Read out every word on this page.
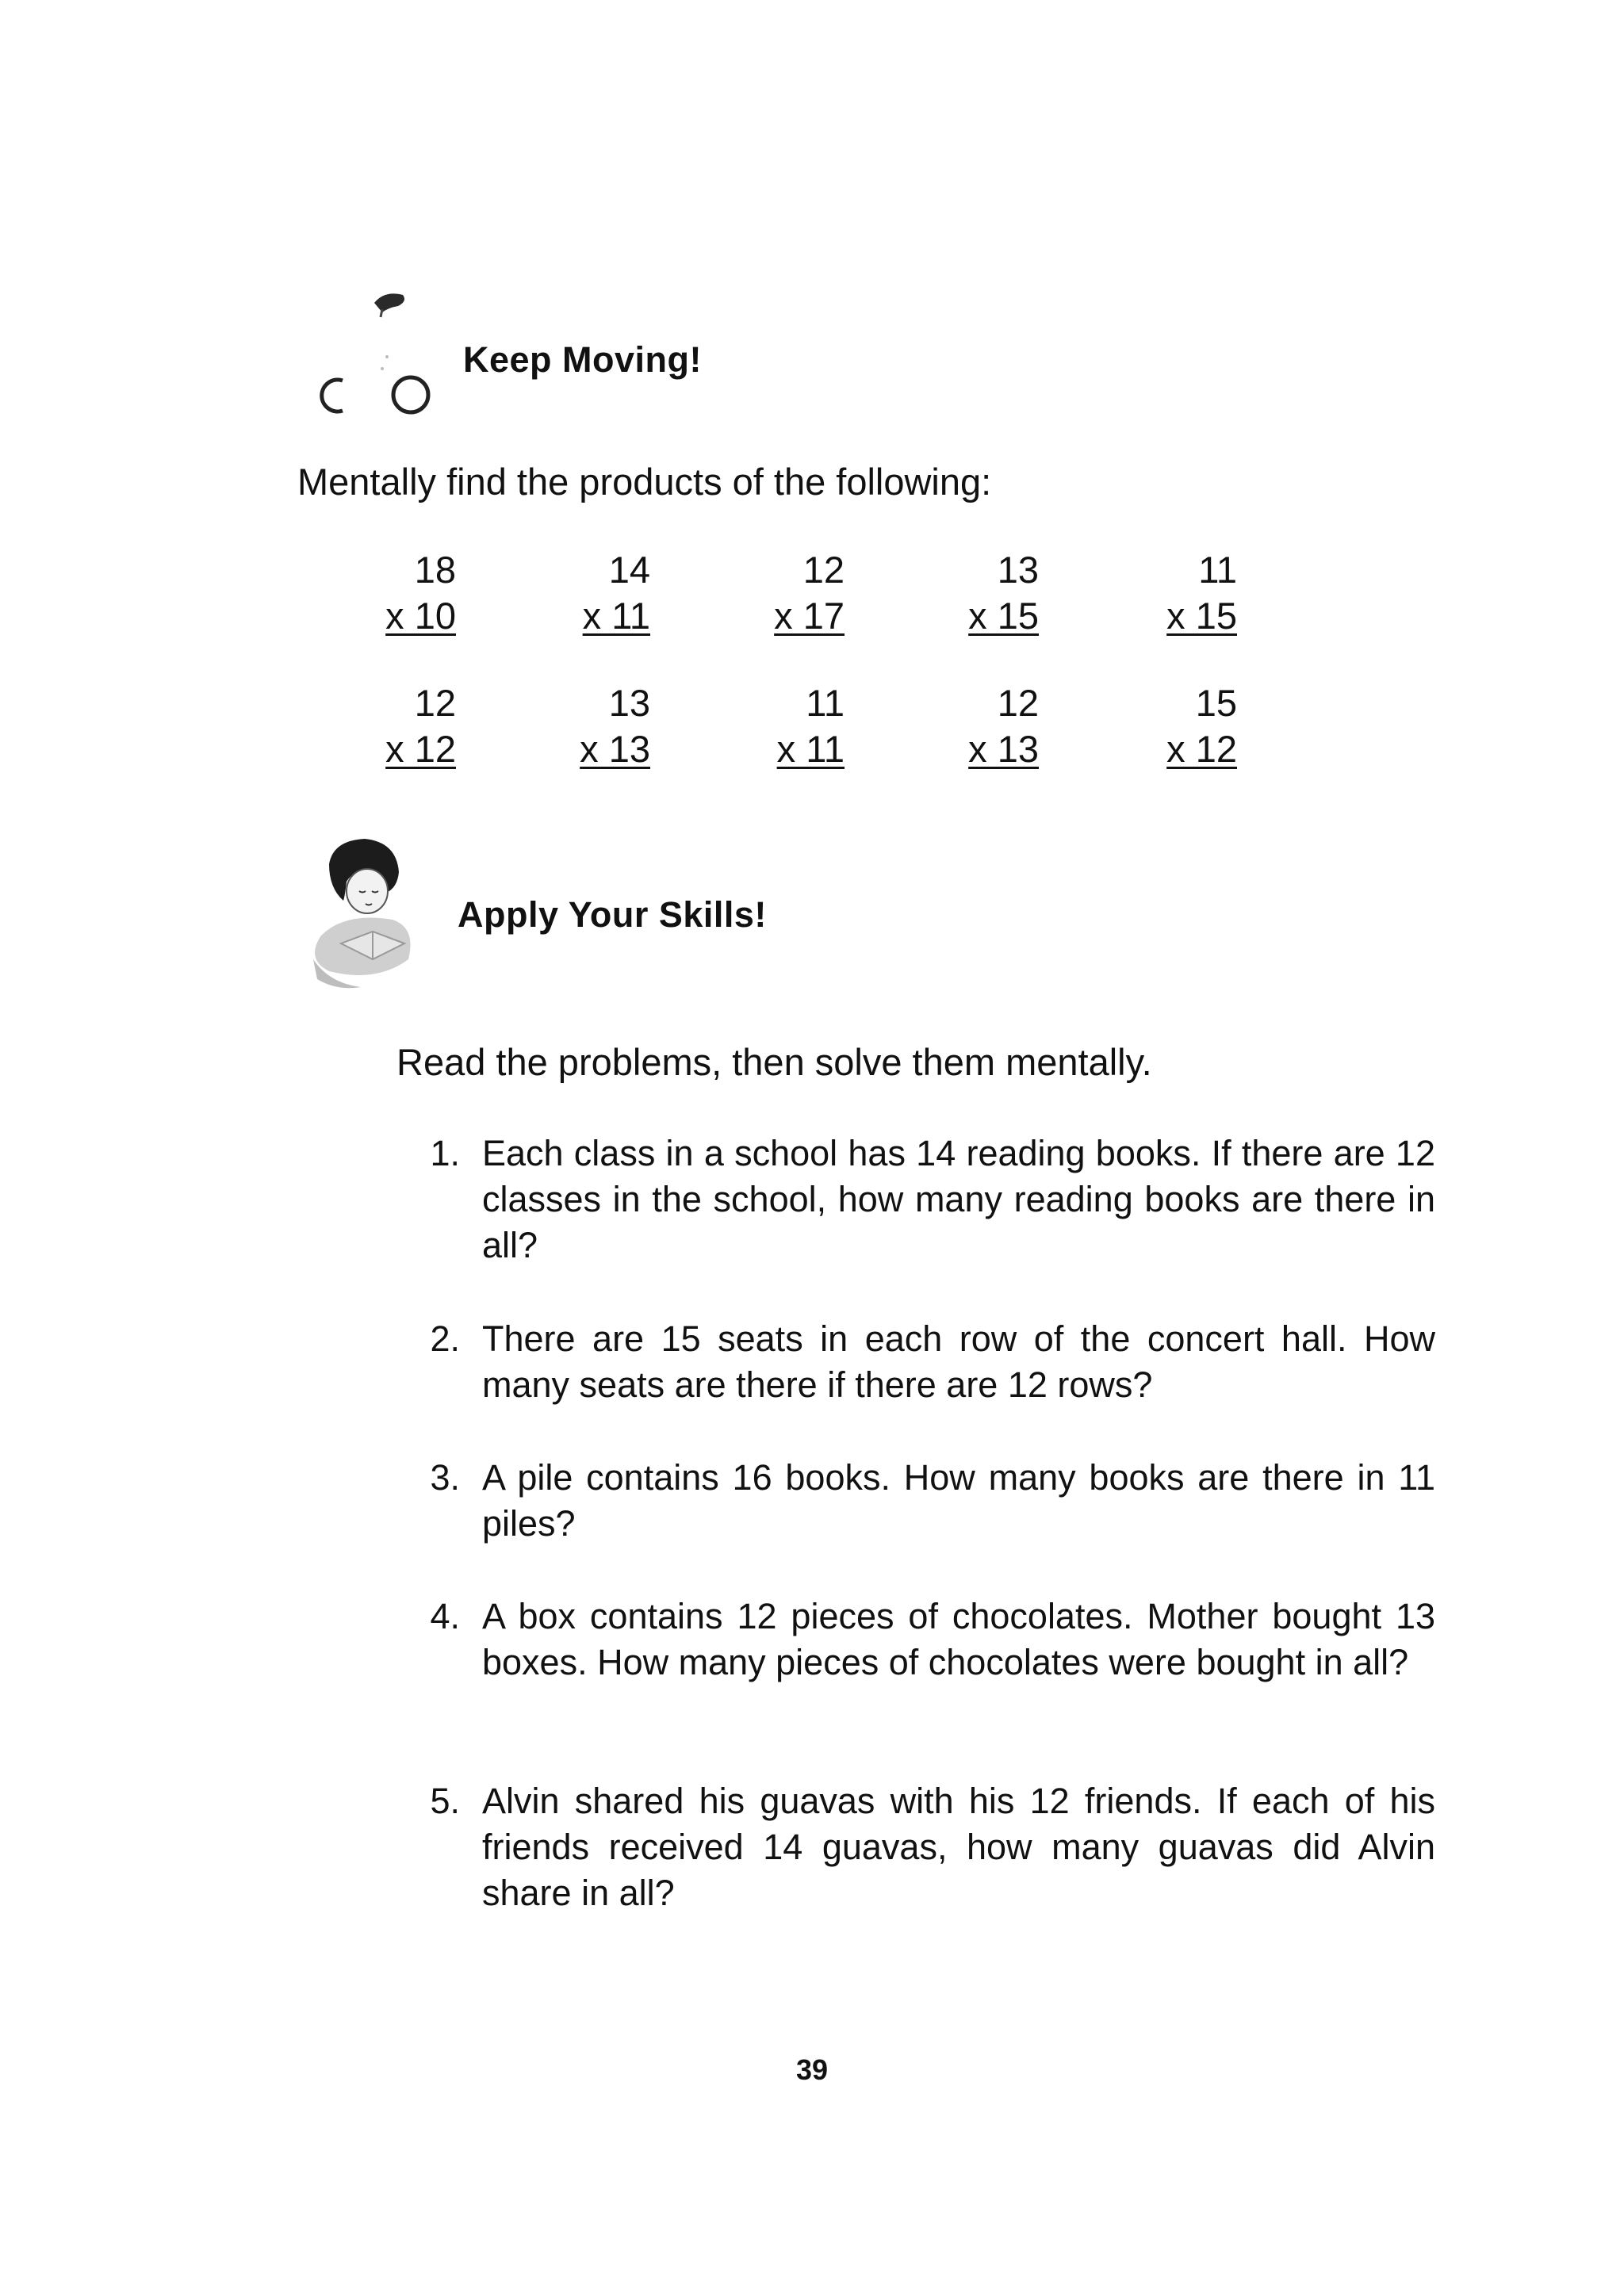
Keep Moving!
Mentally find the products of the following:
18
x 10
14
x 11
12
x 17
13
x 15
11
x 15
12
x 12
13
x 13
11
x 11
12
x 13
15
x 12
Apply Your Skills!
Read the problems, then solve them mentally.
1. Each class in a school has 14 reading books. If there are 12 classes in the school, how many reading books are there in all?
2. There are 15 seats in each row of the concert hall. How many seats are there if there are 12 rows?
3. A pile contains 16 books. How many books are there in 11 piles?
4. A box contains 12 pieces of chocolates. Mother bought 13 boxes. How many pieces of chocolates were bought in all?
5. Alvin shared his guavas with his 12 friends. If each of his friends received 14 guavas, how many guavas did Alvin share in all?
39
